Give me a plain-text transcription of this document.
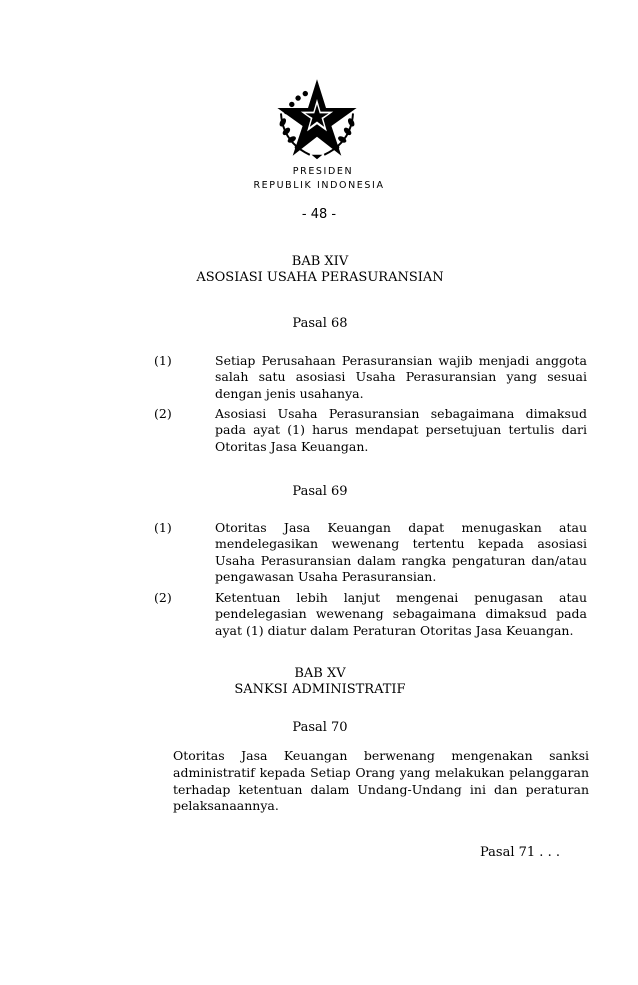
PRESIDEN
REPUBLIK INDONESIA
- 48 -
BAB XIV
ASOSIASI USAHA PERASURANSIAN
Pasal 68
(1)	Setiap Perusahaan Perasuransian wajib menjadi anggota salah satu asosiasi Usaha Perasuransian yang sesuai dengan jenis usahanya.
(2)	Asosiasi Usaha Perasuransian sebagaimana dimaksud pada ayat (1) harus mendapat persetujuan tertulis dari Otoritas Jasa Keuangan.
Pasal 69
(1)	Otoritas Jasa Keuangan dapat menugaskan atau mendelegasikan wewenang tertentu kepada asosiasi Usaha Perasuransian dalam rangka pengaturan dan/atau pengawasan Usaha Perasuransian.
(2)	Ketentuan lebih lanjut mengenai penugasan atau pendelegasian wewenang sebagaimana dimaksud pada ayat (1) diatur dalam Peraturan Otoritas Jasa Keuangan.
BAB XV
SANKSI ADMINISTRATIF
Pasal 70
Otoritas Jasa Keuangan berwenang mengenakan sanksi administratif kepada Setiap Orang yang melakukan pelanggaran terhadap ketentuan dalam Undang-Undang ini dan peraturan pelaksanaannya.
Pasal 71 . . .
